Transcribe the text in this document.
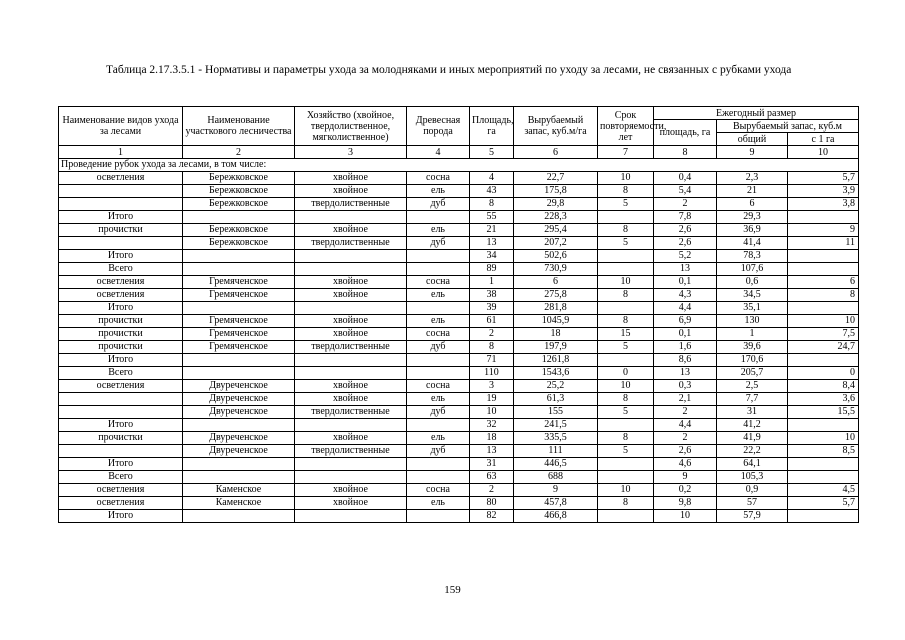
Таблица 2.17.3.5.1 - Нормативы и параметры ухода за молодняками и иных мероприятий по уходу за лесами, не связанных с рубками ухода
Наименование видов ухода за лесами	Наименование участкового лесничества	Хозяйство (хвойное, твердолиственное, мягколиственное)	Древесная порода	Площадь, га	Вырубаемый запас, куб.м/га	Срок повторяемости, лет	Ежегодный размер		
							площадь, га	Вырубаемый запас, куб.м	
								общий	с 1 га
1	2	3	4	5	6	7	8	9	10
Проведение рубок ухода за лесами, в том числе:									
осветления	Бережковское	хвойное	сосна	4	22,7	10	0,4	2,3	5,7
	Бережковское	хвойное	ель	43	175,8	8	5,4	21	3,9
	Бережковское	твердолиственные	дуб	8	29,8	5	2	6	3,8
Итого				55	228,3		7,8	29,3	
прочистки	Бережковское	хвойное	ель	21	295,4	8	2,6	36,9	9
	Бережковское	твердолиственные	дуб	13	207,2	5	2,6	41,4	11
Итого				34	502,6		5,2	78,3	
Всего				89	730,9		13	107,6	
осветления	Гремяченское	хвойное	сосна	1	6	10	0,1	0,6	6
осветления	Гремяченское	хвойное	ель	38	275,8	8	4,3	34,5	8
Итого				39	281,8		4,4	35,1	
прочистки	Гремяченское	хвойное	ель	61	1045,9	8	6,9	130	10
прочистки	Гремяченское	хвойное	сосна	2	18	15	0,1	1	7,5
прочистки	Гремяченское	твердолиственные	дуб	8	197,9	5	1,6	39,6	24,7
Итого				71	1261,8		8,6	170,6	
Всего				110	1543,6	0	13	205,7	0
осветления	Двуреченское	хвойное	сосна	3	25,2	10	0,3	2,5	8,4
	Двуреченское	хвойное	ель	19	61,3	8	2,1	7,7	3,6
	Двуреченское	твердолиственные	дуб	10	155	5	2	31	15,5
Итого				32	241,5		4,4	41,2	
прочистки	Двуреченское	хвойное	ель	18	335,5	8	2	41,9	10
	Двуреченское	твердолиственные	дуб	13	111	5	2,6	22,2	8,5
Итого				31	446,5		4,6	64,1	
Всего				63	688		9	105,3	
осветления	Каменское	хвойное	сосна	2	9	10	0,2	0,9	4,5
осветления	Каменское	хвойное	ель	80	457,8	8	9,8	57	5,7
Итого				82	466,8		10	57,9	
159
